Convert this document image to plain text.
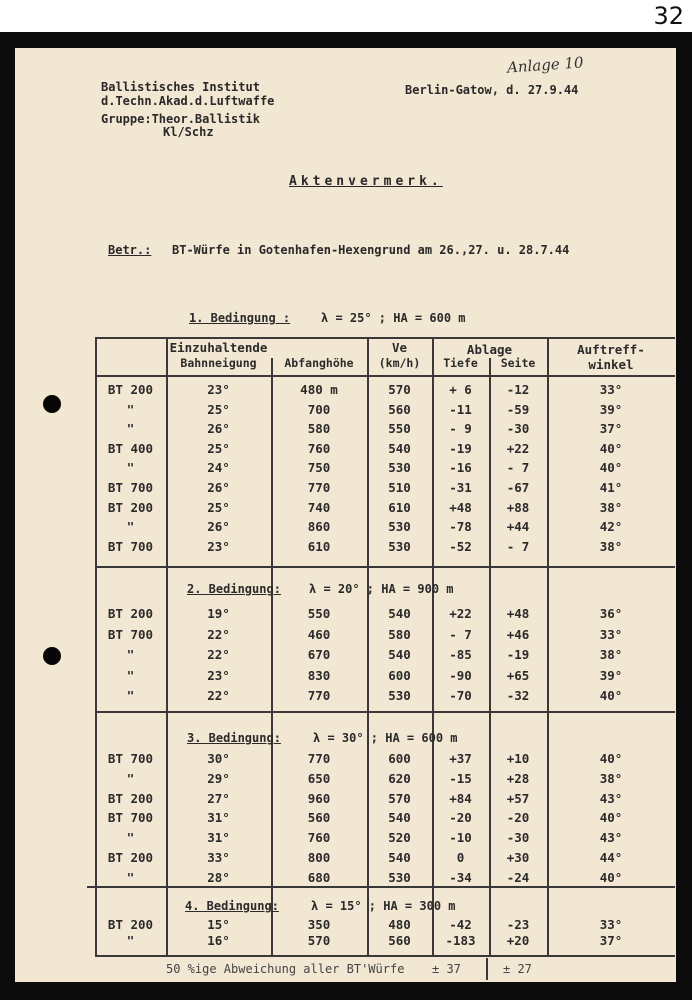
32
Anlage 10
Ballistisches Institut
d.Techn.Akad.d.Luftwaffe
Gruppe:Theor.Ballistik
Kl/Schz
Berlin-Gatow, d. 27.9.44
Aktenvermerk.
Betr.: BT-Würfe in Gotenhafen-Hexengrund am 26.,27. u. 28.7.44
1. Bedingung :	λ = 25° ; HA = 600 m
Einzuhaltende
Bahnneigung	Abfanghöhe
Ve
(km/h)
Ablage
Tiefe	Seite
Auftreff-
winkel
2. Bedingung: λ = 20° ; HA = 900 m
3. Bedingung:	λ = 30° ; HA = 600 m
4. Bedingung:	λ = 15° ; HA = 300 m
BT 200	23°	480 m	570	+ 6	-12	33°
"	25°	700	560	-11	-59	39°
"	26°	580	550	- 9	-30	37°
BT 400	25°	760	540	-19	+22	40°
"	24°	750	530	-16	- 7	40°
BT 700	26°	770	510	-31	-67	41°
BT 200	25°	740	610	+48	+88	38°
"	26°	860	530	-78	+44	42°
BT 700	23°	610	530	-52	- 7	38°
BT 200	19°	550	540	+22	+48	36°
BT 700	22°	460	580	- 7	+46	33°
"	22°	670	540	-85	-19	38°
"	23°	830	600	-90	+65	39°
"	22°	770	530	-70	-32	40°
BT 700	30°	770	600	+37	+10	40°
"	29°	650	620	-15	+28	38°
BT 200	27°	960	570	+84	+57	43°
BT 700	31°	560	540	-20	-20	40°
"	31°	760	520	-10	-30	43°
BT 200	33°	800	540	0	+30	44°
"	28°	680	530	-34	-24	40°
BT 200	15°	350	480	-42	-23	33°
"	16°	570	560	-183	+20	37°
50 %ige Abweichung aller BT'Würfe ± 37	± 27
